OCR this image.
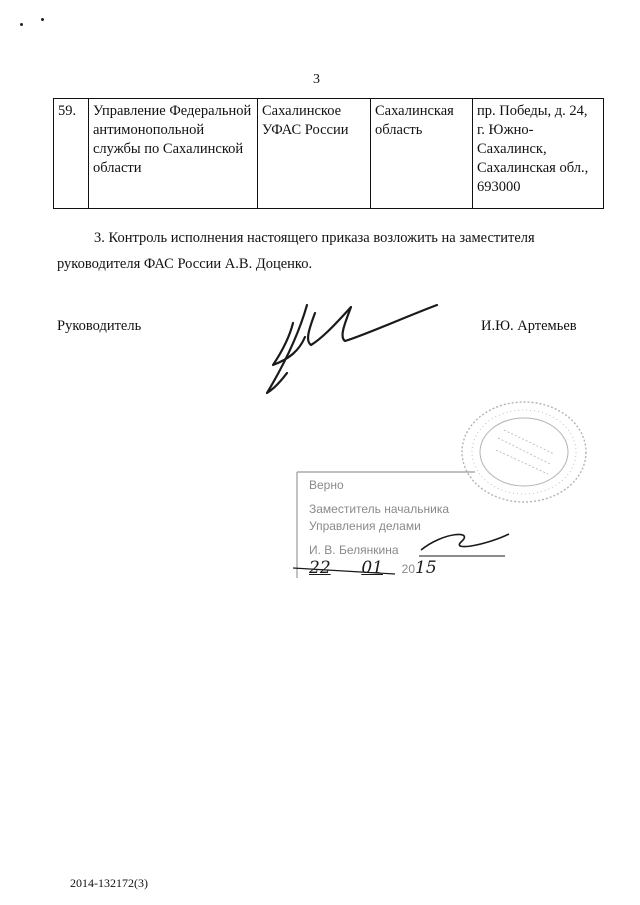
3
59.	Управление Федеральной антимонопольной службы по Сахалинской области	Сахалинское УФАС России	Сахалинская область	пр. Победы, д. 24, г. Южно-Сахалинск, Сахалинская обл., 693000
3. Контроль исполнения настоящего приказа возложить на заместителя
руководителя ФАС России А.В. Доценко.
Руководитель	И.Ю. Артемьев
Верно
Заместитель начальника
Управления делами
И. В. Белянкина
22 01 2015
2014-132172(3)
